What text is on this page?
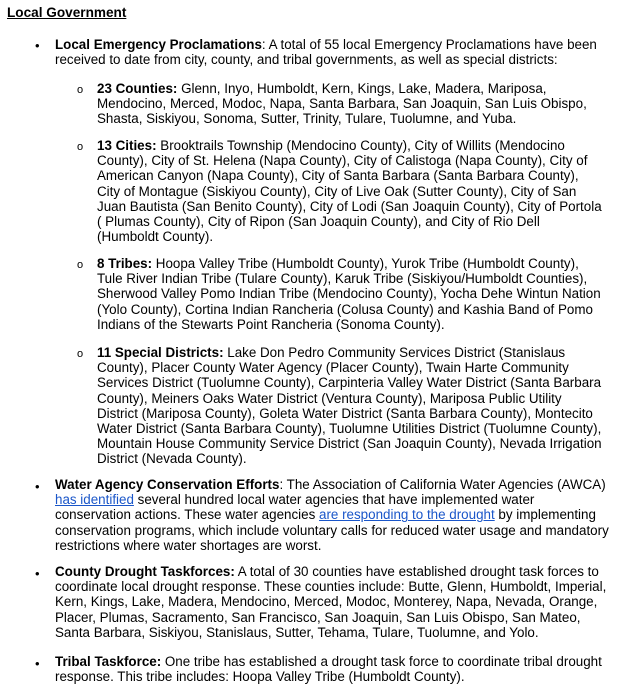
Local Government
• Local Emergency Proclamations: A total of 55 local Emergency Proclamations have been received to date from city, county, and tribal governments, as well as special districts:
o 23 Counties: Glenn, Inyo, Humboldt, Kern, Kings, Lake, Madera, Mariposa, Mendocino, Merced, Modoc, Napa, Santa Barbara, San Joaquin, San Luis Obispo, Shasta, Siskiyou, Sonoma, Sutter, Trinity, Tulare, Tuolumne, and Yuba.
o 13 Cities: Brooktrails Township (Mendocino County), City of Willits (Mendocino County), City of St. Helena (Napa County), City of Calistoga (Napa County), City of American Canyon (Napa County), City of Santa Barbara (Santa Barbara County), City of Montague (Siskiyou County), City of Live Oak (Sutter County), City of San Juan Bautista (San Benito County), City of Lodi (San Joaquin County), City of Portola ( Plumas County), City of Ripon (San Joaquin County), and City of Rio Dell (Humboldt County).
o 8 Tribes: Hoopa Valley Tribe (Humboldt County), Yurok Tribe (Humboldt County), Tule River Indian Tribe (Tulare County), Karuk Tribe (Siskiyou/Humboldt Counties), Sherwood Valley Pomo Indian Tribe (Mendocino County), Yocha Dehe Wintun Nation (Yolo County), Cortina Indian Rancheria (Colusa County) and Kashia Band of Pomo Indians of the Stewarts Point Rancheria (Sonoma County).
o 11 Special Districts: Lake Don Pedro Community Services District (Stanislaus County), Placer County Water Agency (Placer County), Twain Harte Community Services District (Tuolumne County), Carpinteria Valley Water District (Santa Barbara County), Meiners Oaks Water District (Ventura County), Mariposa Public Utility District (Mariposa County), Goleta Water District (Santa Barbara County), Montecito Water District (Santa Barbara County), Tuolumne Utilities District (Tuolumne County), Mountain House Community Service District (San Joaquin County), Nevada Irrigation District (Nevada County).
• Water Agency Conservation Efforts: The Association of California Water Agencies (AWCA) has identified several hundred local water agencies that have implemented water conservation actions. These water agencies are responding to the drought by implementing conservation programs, which include voluntary calls for reduced water usage and mandatory restrictions where water shortages are worst.
• County Drought Taskforces: A total of 30 counties have established drought task forces to coordinate local drought response. These counties include: Butte, Glenn, Humboldt, Imperial, Kern, Kings, Lake, Madera, Mendocino, Merced, Modoc, Monterey, Napa, Nevada, Orange, Placer, Plumas, Sacramento, San Francisco, San Joaquin, San Luis Obispo, San Mateo, Santa Barbara, Siskiyou, Stanislaus, Sutter, Tehama, Tulare, Tuolumne, and Yolo.
• Tribal Taskforce: One tribe has established a drought task force to coordinate tribal drought response. This tribe includes: Hoopa Valley Tribe (Humboldt County).
